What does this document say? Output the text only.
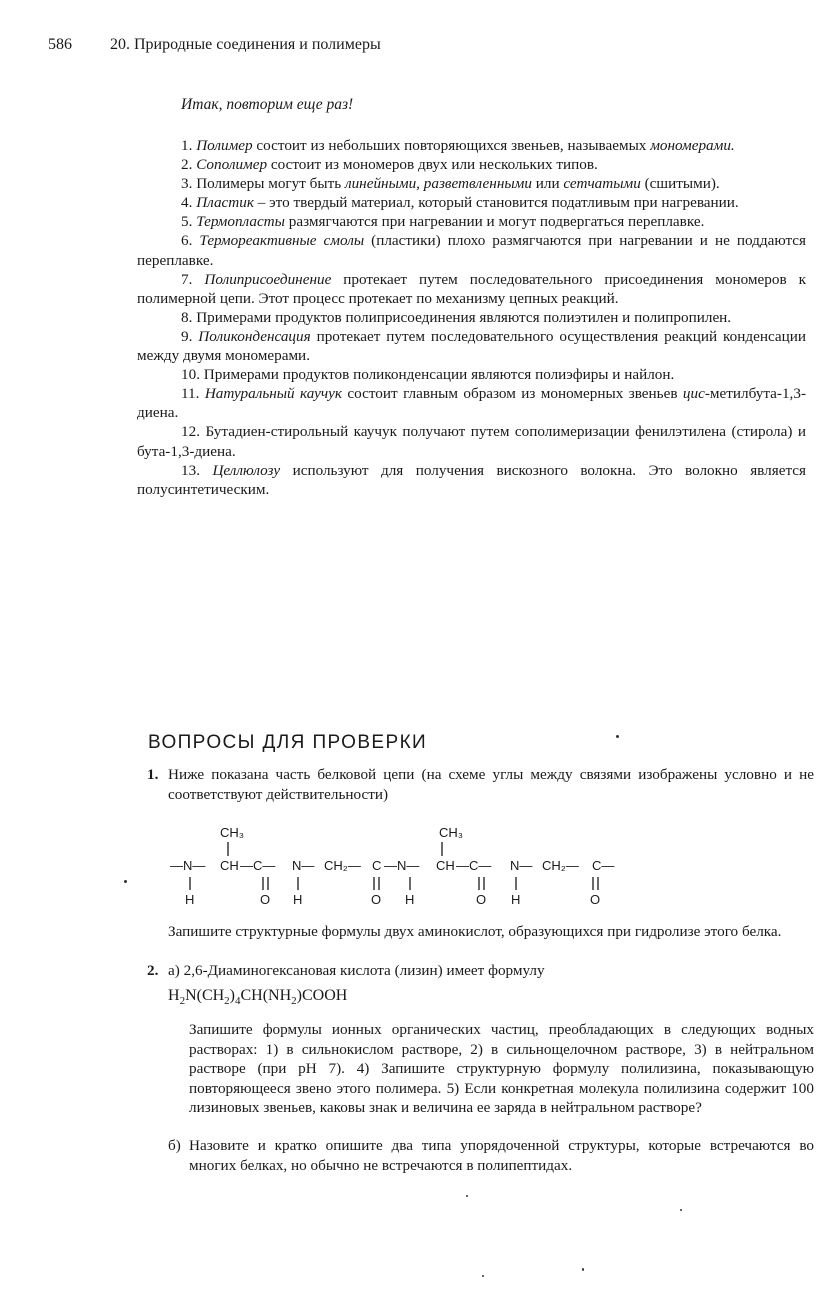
586 20. Природные соединения и полимеры
Итак, повторим еще раз!

1. Полимер состоит из небольших повторяющихся звеньев, называемых мономерами.

2. Сополимер состоит из мономеров двух или нескольких типов.

3. Полимеры могут быть линейными, разветвленными или сетчатыми (сшитыми).

4. Пластик – это твердый материал, который становится податливым при нагревании.

5. Термопласты размягчаются при нагревании и могут подвергаться переплавке.

6. Термореактивные смолы (пластики) плохо размягчаются при нагревании и не поддаются переплавке.

7. Полиприсоединение протекает путем последовательного присоединения мономеров к полимерной цепи. Этот процесс протекает по механизму цепных реакций.

8. Примерами продуктов полиприсоединения являются полиэтилен и полипропилен.

9. Поликонденсация протекает путем последовательного осуществления реакций конденсации между двумя мономерами.

10. Примерами продуктов поликонденсации являются полиэфиры и найлон.

11. Натуральный каучук состоит главным образом из мономерных звеньев цис-метилбута-1,3-диена.

12. Бутадиен-стирольный каучук получают путем сополимеризации фенилэтилена (стирола) и бута-1,3-диена.

13. Целлюлозу используют для получения вискозного волокна. Это волокно является полусинтетическим.

ВОПРОСЫ ДЛЯ ПРОВЕРКИ
1. Ниже показана часть белковой цепи (на схеме углы между связями изображены условно и не соответствуют действительности)
CH₃	CH₃
—N— CH —C— N— CH₂— C —N— CH —C— N— CH₂— C—
H	O H	O H	O H	O
Запишите структурные формулы двух аминокислот, образующихся при гидролизе этого белка.
2. а) 2,6-Диаминогексановая кислота (лизин) имеет формулу
$H_2N(CH_2)_4CH(NH_2)COOH$
Запишите формулы ионных органических частиц, преобладающих в следующих водных растворах: 1) в сильнокислом растворе, 2) в сильнощелочном растворе, 3) в нейтральном растворе (при pH 7). 4) Запишите структурную формулу полилизина, показывающую повторяющееся звено этого полимера. 5) Если конкретная молекула полилизина содержит 100 лизиновых звеньев, каковы знак и величина ее заряда в нейтральном растворе?
б) Назовите и кратко опишите два типа упорядоченной структуры, которые встречаются во многих белках, но обычно не встречаются в полипептидах.
